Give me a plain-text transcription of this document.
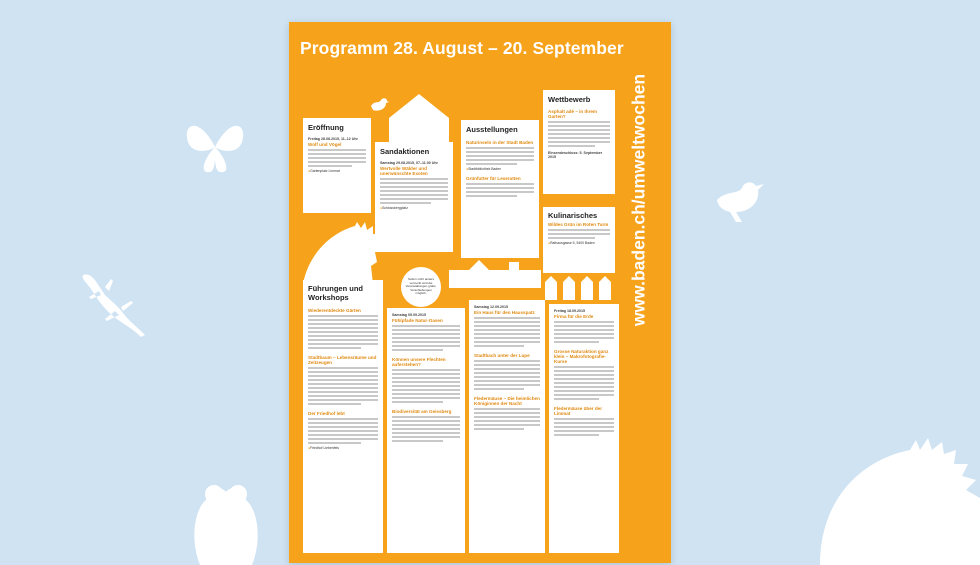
Programm 28. August – 20. September
www.baden.ch/umweltwochen
Eröffnung
Freitag 28.08.2015, 11–12 Uhr
Wolf und Vögel
● Gartenplatz Limmat
Sandaktionen
Samstag 29.08.2015, 07–11.00 Uhr
Wertvolle Wälder und unerwünschte Exoten
● Schlossbergplatz
Ausstellungen
Naturinseln in der Stadt Baden
● Stadtbibliothek Baden
Grünfutter für Leseratten
Wettbewerb
Asphalt adé – in Ihrem Garten?
Einsendeschluss: 5. September 2015
Kulinarisches
Wildes Grün im Roten Turm
● Rathausgasse 5, 5400 Baden
Sofern nicht anders vermerkt sind die Veranstaltungen gratis. Verschiebungen möglich.
Führungen und Workshops
Wiederentdeckte Gärten
Stadtbaum – Lebensräume und Zeitzeugen
Der Friedhof lebt
● Friedhof Liebenfels
Samstag 05.09.2015
Fühlpfade Natur-Oasen
Können unsere Flechten auferstehen?
Biodiversität am Geissberg
Samstag 12.09.2015
Ein Haus für den Hausspatz
Stadtbach unter der Lupe
Fledermäuse – Die heimlichen Königinnen der Nacht
Freitag 18.09.2015
Firma für die Erde
Grosse Naturaktion ganz klein – Makrofotografie-Kurse
Fledermäuse über der Limmat
